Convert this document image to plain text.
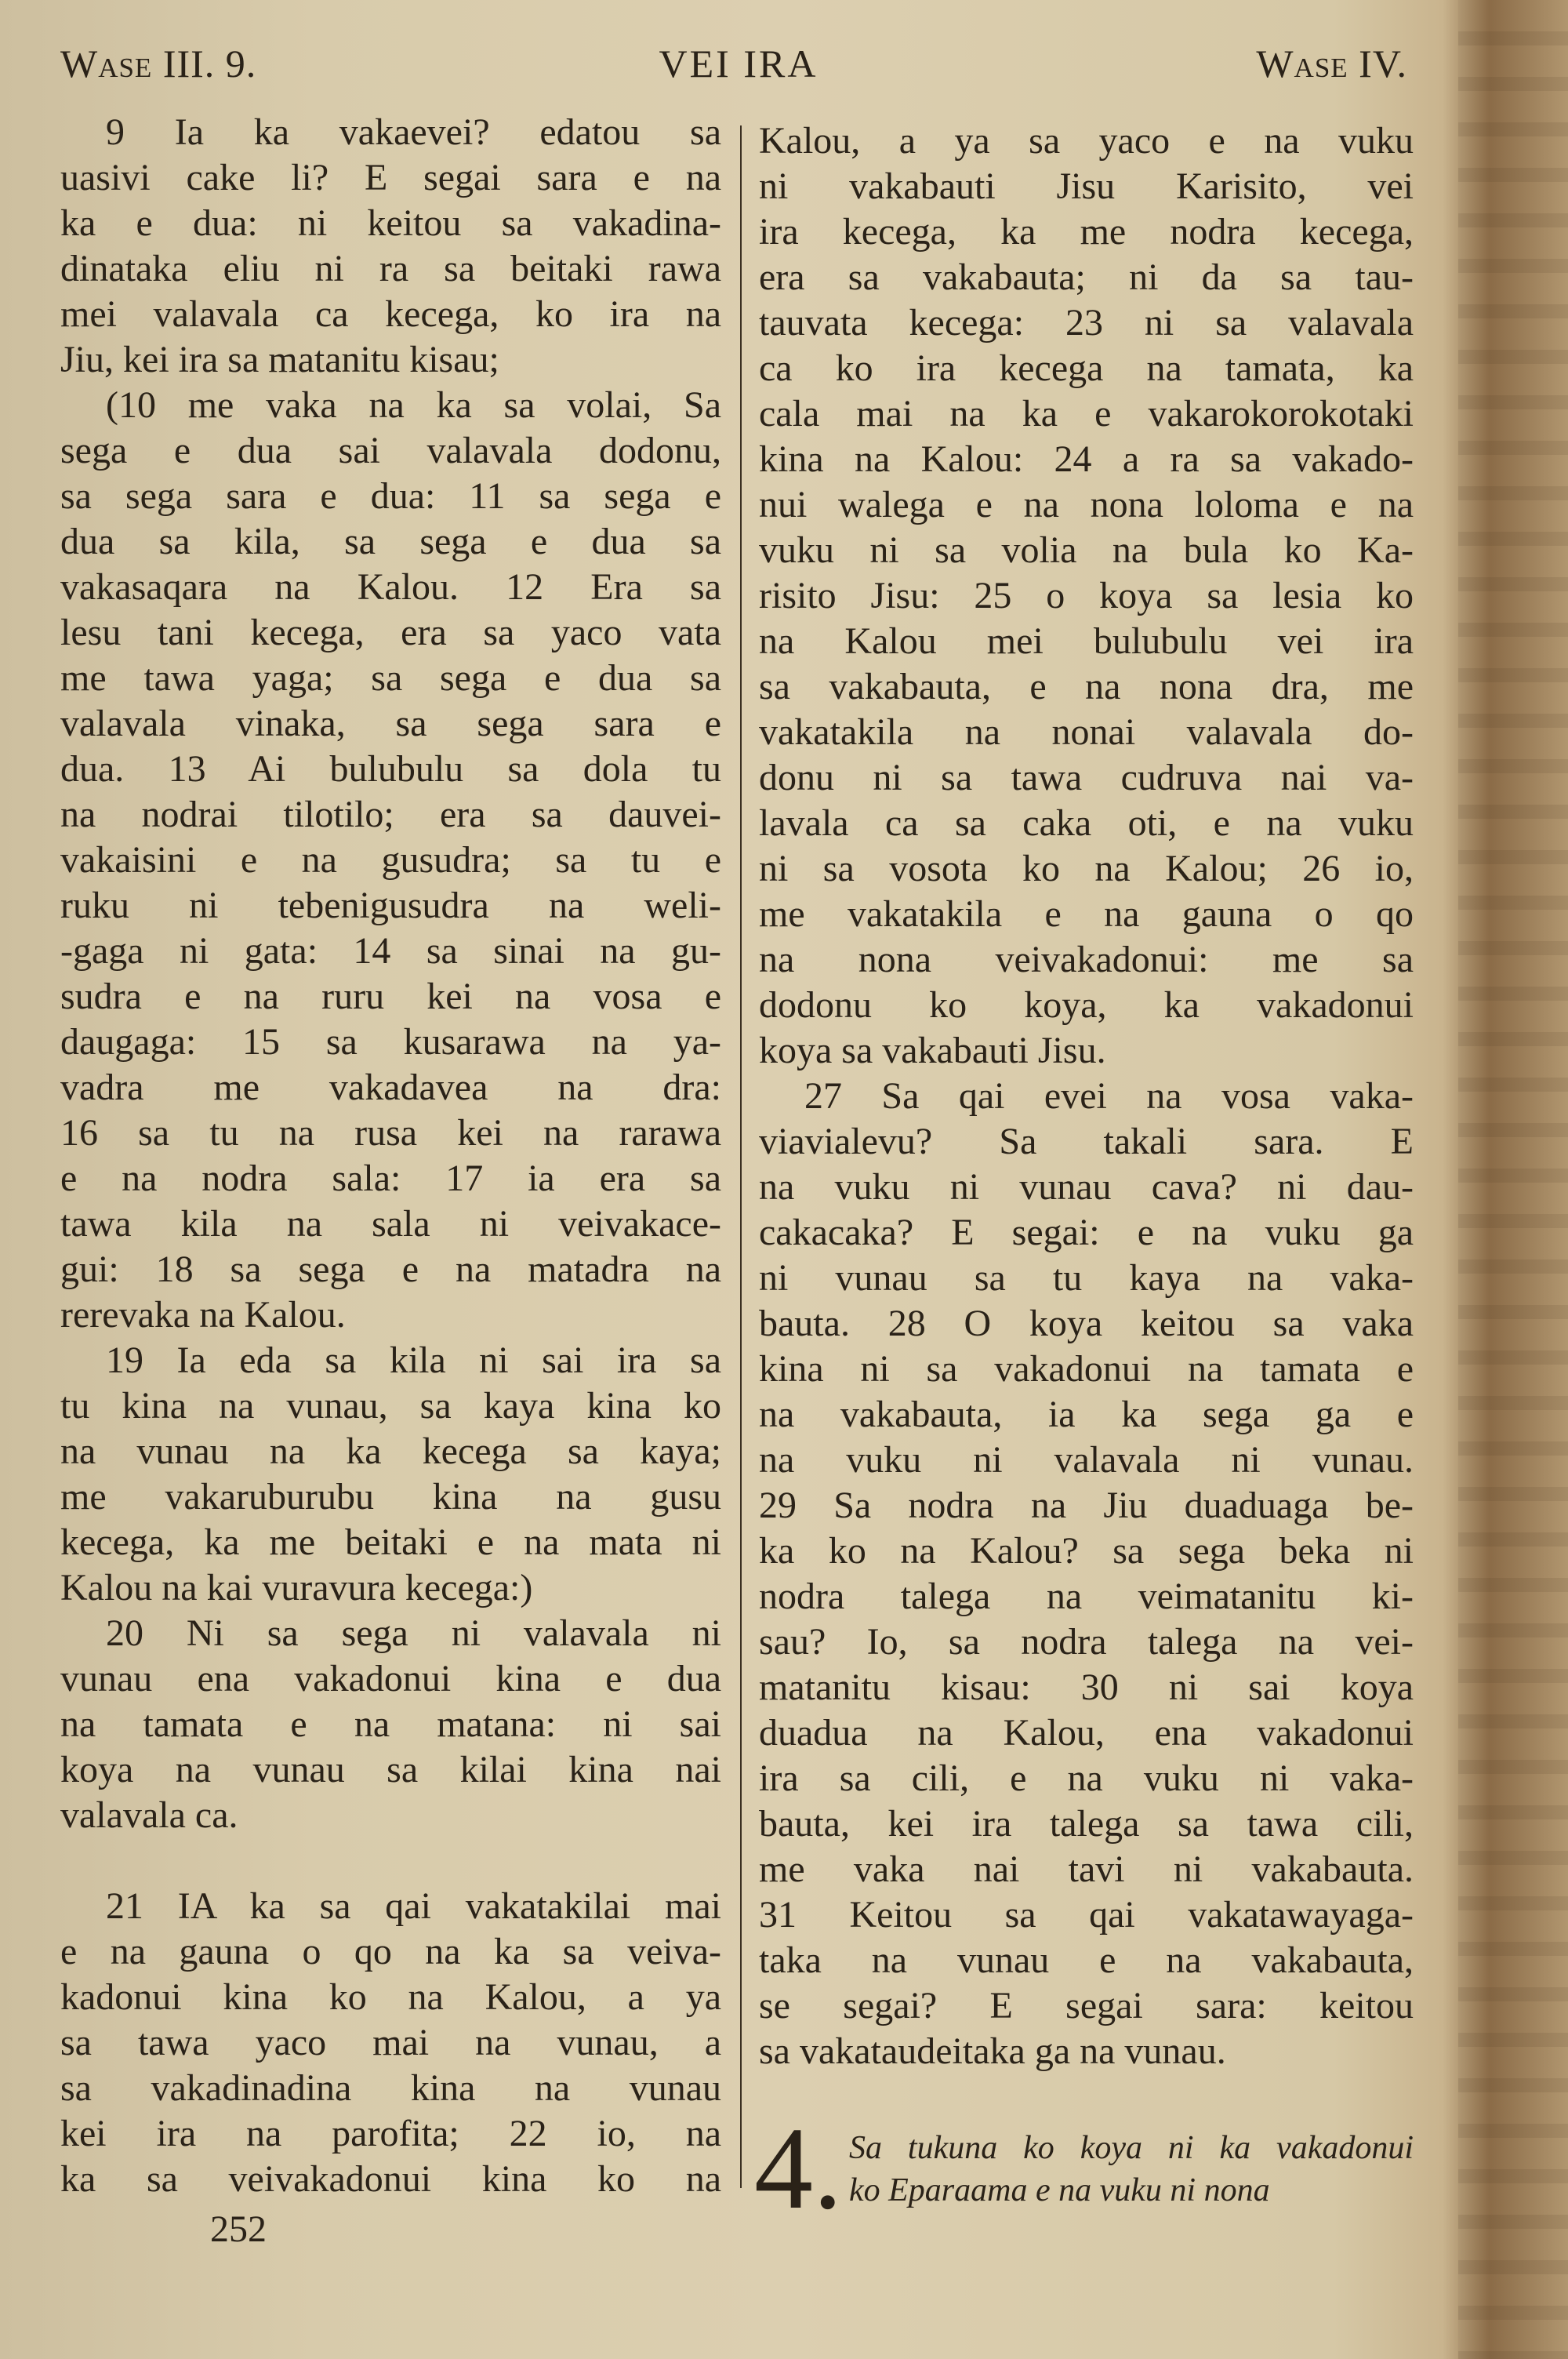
Wase III. 9.	VEI IRA	Wase IV.
9 Ia ka vakaevei? edatou sa
uasivi cake li? E segai sara e na
ka e dua: ni keitou sa vakadina-
dinataka eliu ni ra sa beitaki rawa
mei valavala ca kecega, ko ira na
Jiu, kei ira sa matanitu kisau;
(10 me vaka na ka sa volai, Sa
sega e dua sai valavala dodonu,
sa sega sara e dua: 11 sa sega e
dua sa kila, sa sega e dua sa
vakasaqara na Kalou. 12 Era sa
lesu tani kecega, era sa yaco vata
me tawa yaga; sa sega e dua sa
valavala vinaka, sa sega sara e
dua. 13 Ai bulubulu sa dola tu
na nodrai tilotilo; era sa dauvei-
vakaisini e na gusudra; sa tu e
ruku ni tebenigusudra na weli-
-gaga ni gata: 14 sa sinai na gu-
sudra e na ruru kei na vosa e
daugaga: 15 sa kusarawa na ya-
vadra me vakadavea na dra:
16 sa tu na rusa kei na rarawa
e na nodra sala: 17 ia era sa
tawa kila na sala ni veivakace-
gui: 18 sa sega e na matadra na
rerevaka na Kalou.
19 Ia eda sa kila ni sai ira sa
tu kina na vunau, sa kaya kina ko
na vunau na ka kecega sa kaya;
me vakaruburubu kina na gusu
kecega, ka me beitaki e na mata ni
Kalou na kai vuravura kecega:)
20 Ni sa sega ni valavala ni
vunau ena vakadonui kina e dua
na tamata e na matana: ni sai
koya na vunau sa kilai kina nai
valavala ca.
21 IA ka sa qai vakatakilai mai
e na gauna o qo na ka sa veiva-
kadonui kina ko na Kalou, a ya
sa tawa yaco mai na vunau, a
sa vakadinadina kina na vunau
kei ira na parofita; 22 io, na
ka sa veivakadonui kina ko na
Kalou, a ya sa yaco e na vuku
ni vakabauti Jisu Karisito, vei
ira kecega, ka me nodra kecega,
era sa vakabauta; ni da sa tau-
tauvata kecega: 23 ni sa valavala
ca ko ira kecega na tamata, ka
cala mai na ka e vakarokorokotaki
kina na Kalou: 24 a ra sa vakado-
nui walega e na nona loloma e na
vuku ni sa volia na bula ko Ka-
risito Jisu: 25 o koya sa lesia ko
na Kalou mei bulubulu vei ira
sa vakabauta, e na nona dra, me
vakatakila na nonai valavala do-
donu ni sa tawa cudruva nai va-
lavala ca sa caka oti, e na vuku
ni sa vosota ko na Kalou; 26 io,
me vakatakila e na gauna o qo
na nona veivakadonui: me sa
dodonu ko koya, ka vakadonui
koya sa vakabauti Jisu.
27 Sa qai evei na vosa vaka-
viavialevu? Sa takali sara. E
na vuku ni vunau cava? ni dau-
cakacaka? E segai: e na vuku ga
ni vunau sa tu kaya na vaka-
bauta. 28 O koya keitou sa vaka
kina ni sa vakadonui na tamata e
na vakabauta, ia ka sega ga e
na vuku ni valavala ni vunau.
29 Sa nodra na Jiu duaduaga be-
ka ko na Kalou? sa sega beka ni
nodra talega na veimatanitu ki-
sau? Io, sa nodra talega na vei-
matanitu kisau: 30 ni sai koya
duadua na Kalou, ena vakadonui
ira sa cili, e na vuku ni vaka-
bauta, kei ira talega sa tawa cili,
me vaka nai tavi ni vakabauta.
31 Keitou sa qai vakatawayaga-
taka na vunau e na vakabauta,
se segai? E segai sara: keitou
sa vakataudeitaka ga na vunau.
4. Sa tukuna ko koya ni ka vakadonui
ko Eparaama e na vuku ni nona
252
